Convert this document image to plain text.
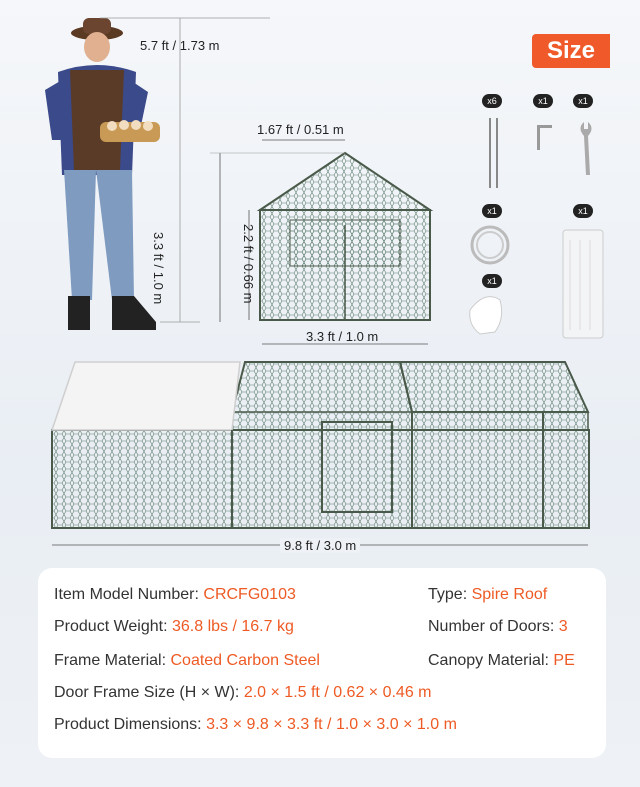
Size
5.7 ft / 1.73 m
1.67 ft / 0.51 m
3.3 ft / 1.0 m	2.2 ft / 0.66 m
3.3 ft / 1.0 m
9.8 ft / 3.0 m
x6	x1	x1
x1	x1
x1
Item Model Number: CRCFG0103	Type: Spire Roof
Product Weight: 36.8 lbs / 16.7 kg	Number of Doors: 3
Frame Material: Coated Carbon Steel	Canopy Material: PE
Door Frame Size (H × W): 2.0 × 1.5 ft / 0.62 × 0.46 m
Product Dimensions: 3.3 × 9.8 × 3.3 ft / 1.0 × 3.0 × 1.0 m
